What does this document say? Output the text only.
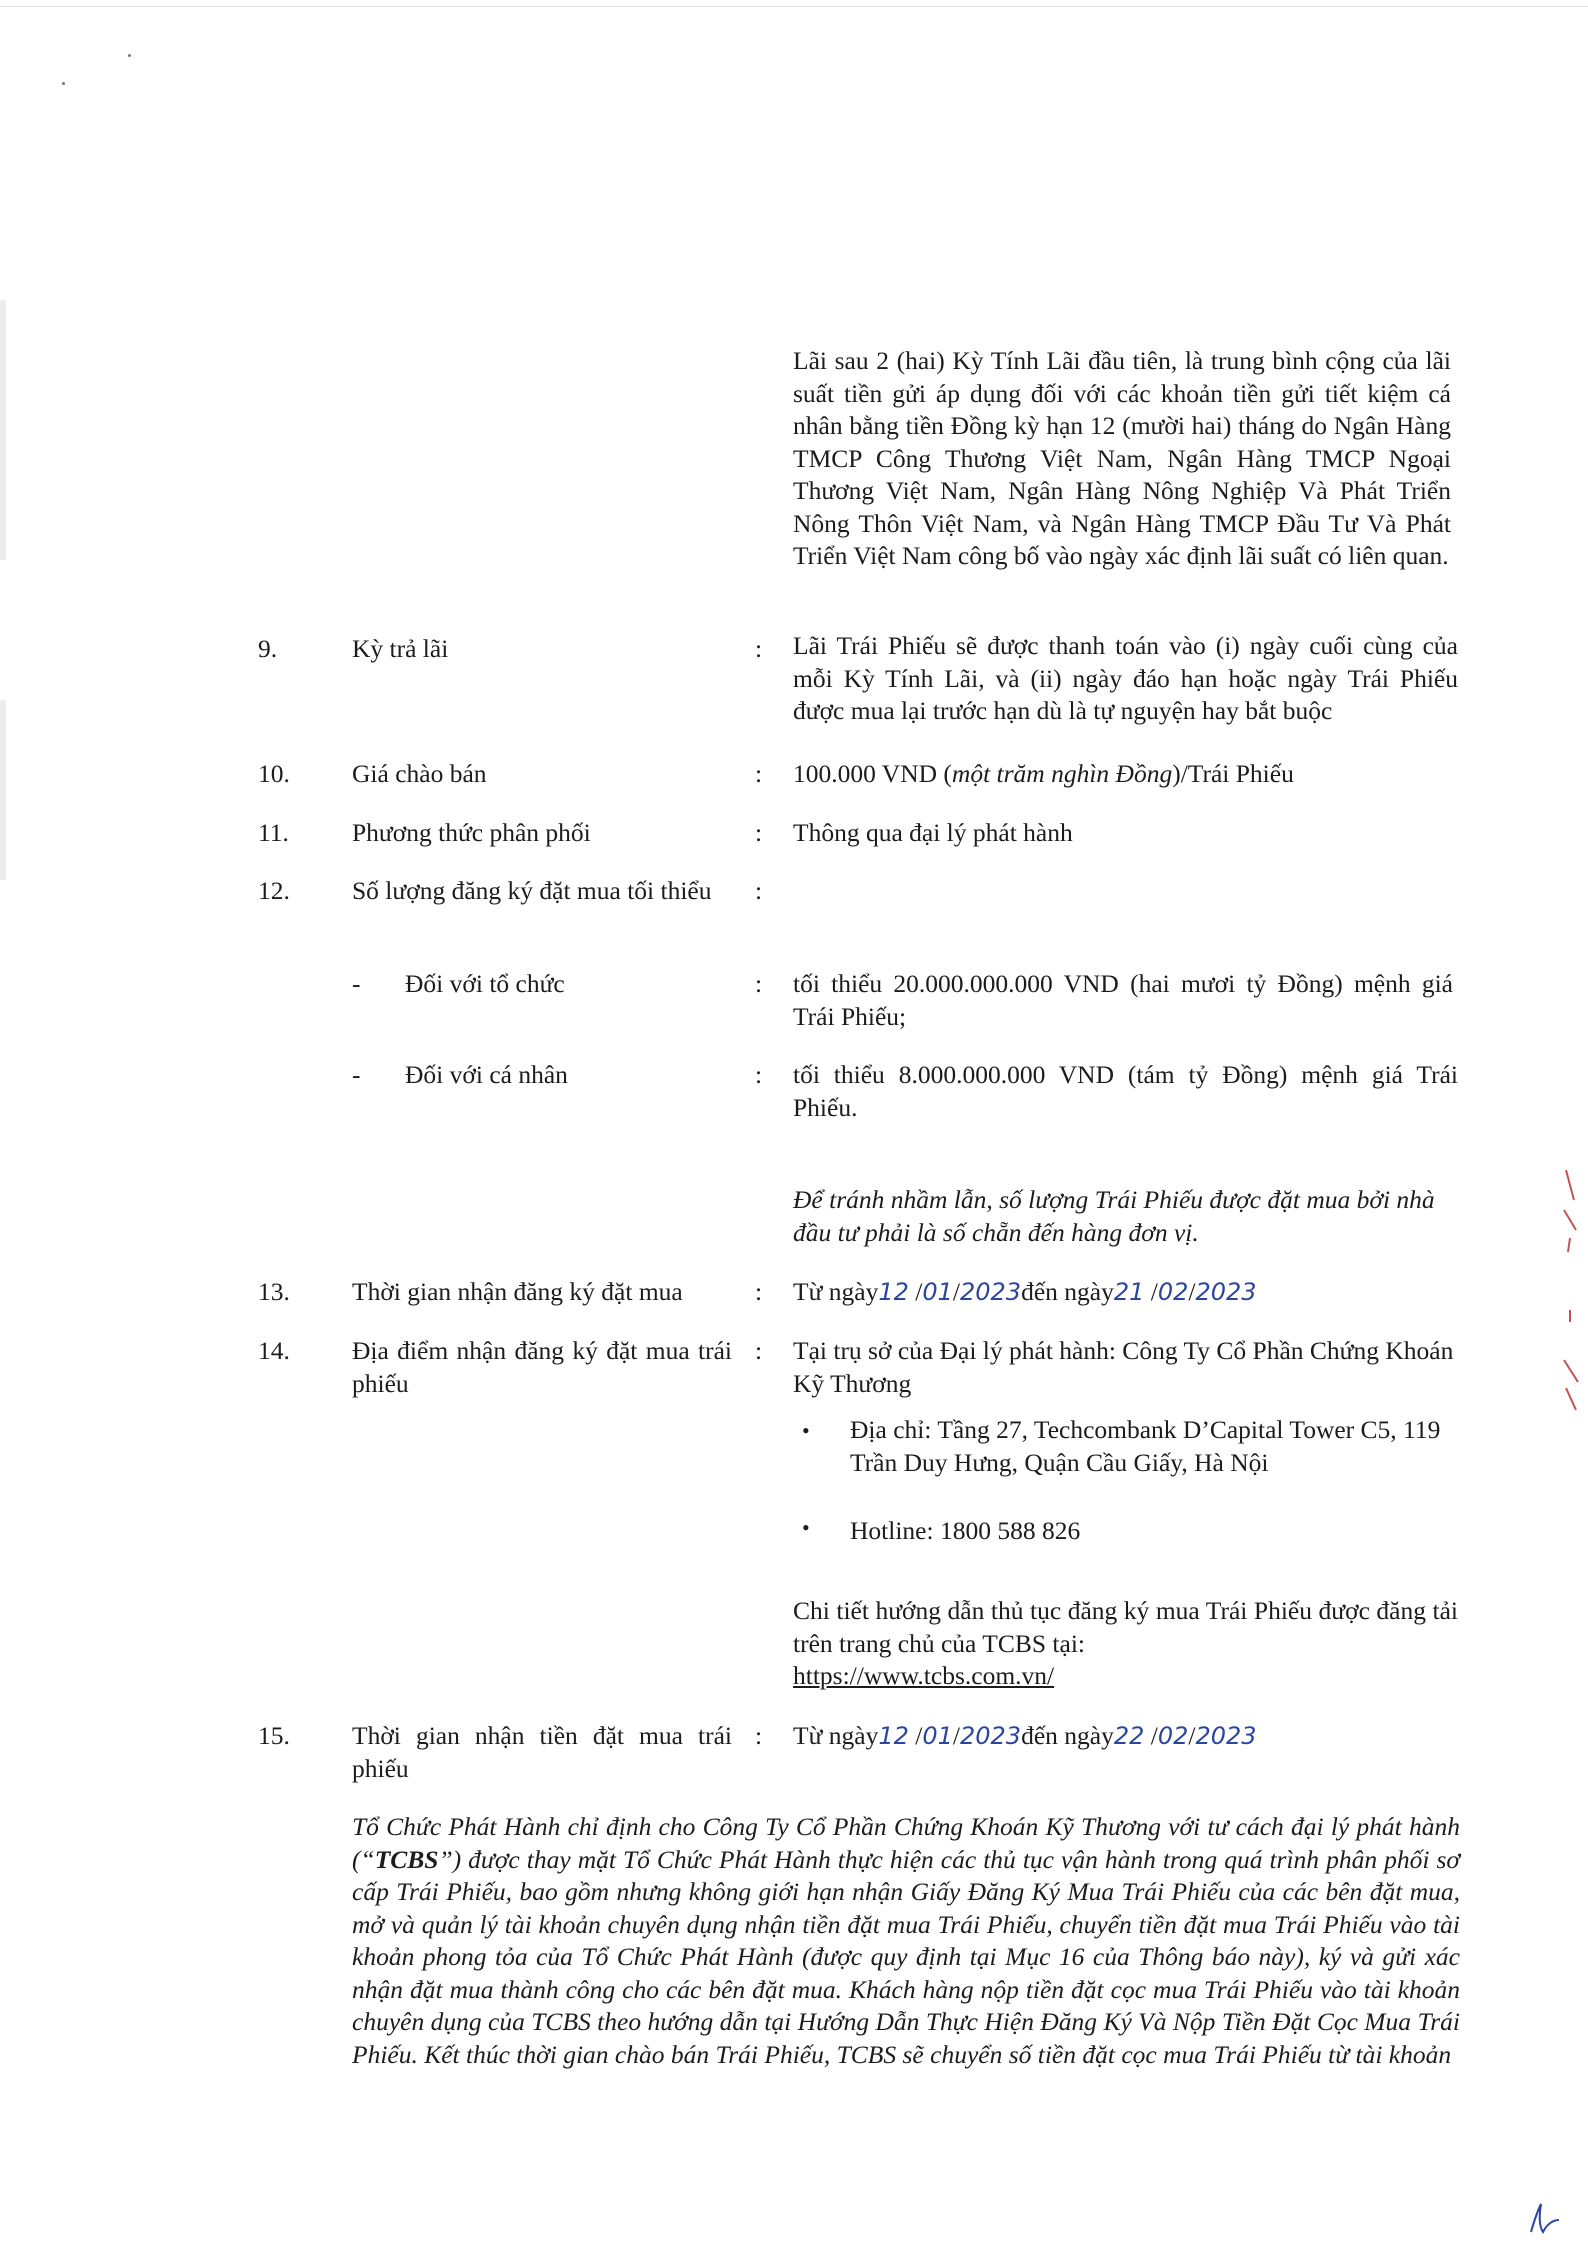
Lãi sau 2 (hai) Kỳ Tính Lãi đầu tiên, là trung bình cộng của lãi suất tiền gửi áp dụng đối với các khoản tiền gửi tiết kiệm cá nhân bằng tiền Đồng kỳ hạn 12 (mười hai) tháng do Ngân Hàng TMCP Công Thương Việt Nam, Ngân Hàng TMCP Ngoại Thương Việt Nam, Ngân Hàng Nông Nghiệp Và Phát Triển Nông Thôn Việt Nam, và Ngân Hàng TMCP Đầu Tư Và Phát Triển Việt Nam công bố vào ngày xác định lãi suất có liên quan.
9.	Kỳ trả lãi	: Lãi Trái Phiếu sẽ được thanh toán vào (i) ngày cuối cùng của mỗi Kỳ Tính Lãi, và (ii) ngày đáo hạn hoặc ngày Trái Phiếu được mua lại trước hạn dù là tự nguyện hay bắt buộc
10. Giá chào bán	: 100.000 VND (một trăm nghìn Đồng)/Trái Phiếu
11. Phương thức phân phối	: Thông qua đại lý phát hành
12. Số lượng đăng ký đặt mua tối thiểu	:
- Đối với tổ chức	: tối thiểu 20.000.000.000 VND (hai mươi tỷ Đồng) mệnh giá Trái Phiếu;
- Đối với cá nhân	: tối thiểu 8.000.000.000 VND (tám tỷ Đồng) mệnh giá Trái Phiếu.
Để tránh nhầm lẫn, số lượng Trái Phiếu được đặt mua bởi nhà đầu tư phải là số chẵn đến hàng đơn vị.
13. Thời gian nhận đăng ký đặt mua	: Từ ngày12 /01/2023đến ngày21 /02/2023
14. Địa điểm nhận đăng ký đặt mua trái phiếu
: Tại trụ sở của Đại lý phát hành: Công Ty Cổ Phần Chứng Khoán Kỹ Thương
• Địa chỉ: Tầng 27, Techcombank D’Capital Tower C5, 119 Trần Duy Hưng, Quận Cầu Giấy, Hà Nội
• Hotline: 1800 588 826
Chi tiết hướng dẫn thủ tục đăng ký mua Trái Phiếu được đăng tải trên trang chủ của TCBS tại:
https://www.tcbs.com.vn/
15. Thời gian nhận tiền đặt mua trái phiếu
: Từ ngày12 /01/2023đến ngày22 /02/2023
Tổ Chức Phát Hành chỉ định cho Công Ty Cổ Phần Chứng Khoán Kỹ Thương với tư cách đại lý phát hành (“TCBS”) được thay mặt Tổ Chức Phát Hành thực hiện các thủ tục vận hành trong quá trình phân phối sơ cấp Trái Phiếu, bao gồm nhưng không giới hạn nhận Giấy Đăng Ký Mua Trái Phiếu của các bên đặt mua, mở và quản lý tài khoản chuyên dụng nhận tiền đặt mua Trái Phiếu, chuyển tiền đặt mua Trái Phiếu vào tài khoản phong tỏa của Tổ Chức Phát Hành (được quy định tại Mục 16 của Thông báo này), ký và gửi xác nhận đặt mua thành công cho các bên đặt mua. Khách hàng nộp tiền đặt cọc mua Trái Phiếu vào tài khoản chuyên dụng của TCBS theo hướng dẫn tại Hướng Dẫn Thực Hiện Đăng Ký Và Nộp Tiền Đặt Cọc Mua Trái Phiếu. Kết thúc thời gian chào bán Trái Phiếu, TCBS sẽ chuyển số tiền đặt cọc mua Trái Phiếu từ tài khoản
